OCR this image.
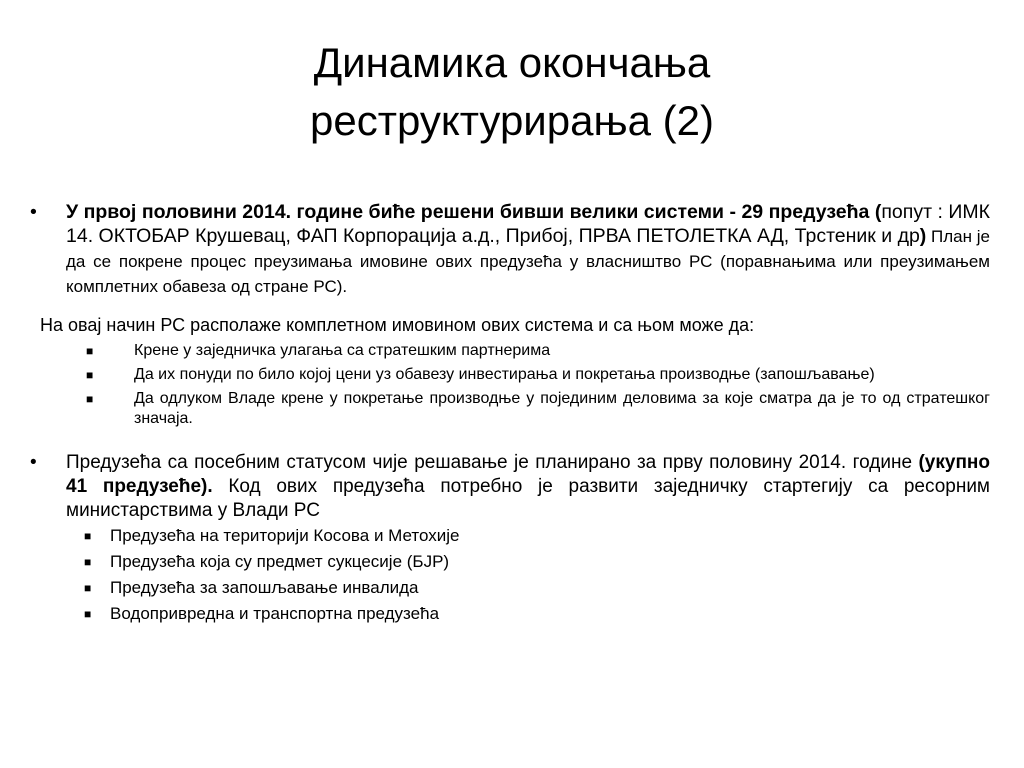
Динамика окончања
реструктурирања (2)
• У првој половини 2014. године биће решени бивши велики системи - 29 предузећа (попут : ИМК 14. ОКТОБАР Крушевац, ФАП Корпорација а.д., Прибој, ПРВА ПЕТОЛЕТКА АД, Трстеник и др) План је да се покрене процес преузимања имовине ових предузећа у власништво РС (поравнањима или преузимањем комплетних обавеза од стране РС).
На овај начин РС располаже комплетном имовином ових система и са њом може да:
■	Крене у заједничка улагања са стратешким партнерима
■	Да их понуди по било којој цени уз обавезу инвестирања и покретања производње (запошљавање)
■	Да одлуком Владе крене у покретање производње у појединим деловима за које сматра да је то од стратешког значаја.
• Предузећа са посебним статусом чије решавање је планирано за прву половину 2014. године (укупно 41 предузеће). Код ових предузећа потребно је развити заједничку стартегију са ресорним министарствима у Влади РС
■ Предузећа на територији Косова и Метохије
■ Предузећа која су предмет сукцесије (БЈР)
■ Предузећа за запошљавање инвалида
■ Водопривредна и транспортна предузећа
